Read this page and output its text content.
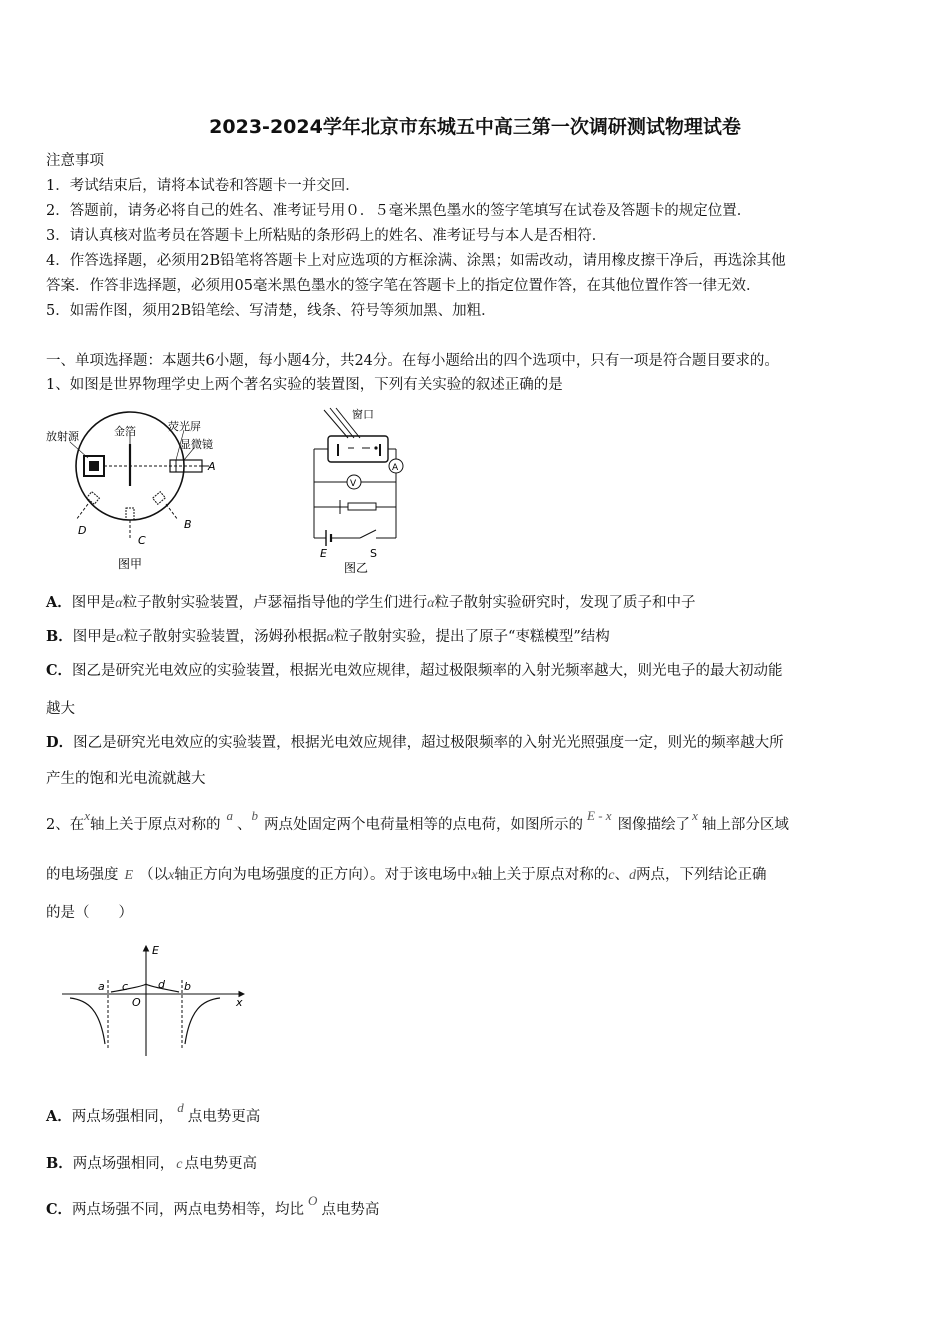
2023-2024学年北京市东城五中高三第一次调研测试物理试卷
注意事项
1．考试结束后，请将本试卷和答题卡一并交回．
2．答题前，请务必将自己的姓名、准考证号用０．５毫米黑色墨水的签字笔填写在试卷及答题卡的规定位置．
3．请认真核对监考员在答题卡上所粘贴的条形码上的姓名、准考证号与本人是否相符．
4．作答选择题，必须用2B铅笔将答题卡上对应选项的方框涂满、涂黑；如需改动，请用橡皮擦干净后，再选涂其他
答案．作答非选择题，必须用05毫米黑色墨水的签字笔在答题卡上的指定位置作答，在其他位置作答一律无效．
5．如需作图，须用2B铅笔绘、写清楚，线条、符号等须加黑、加粗．
一、单项选择题：本题共6小题，每小题4分，共24分。在每小题给出的四个选项中，只有一项是符合题目要求的。
1、如图是世界物理学史上两个著名实验的装置图，下列有关实验的叙述正确的是
放射源	金箔	荧光屏
显微镜
A
B
C
D
图甲
A
V
窗口
E	S
图乙
A．图甲是α粒子散射实验装置，卢瑟福指导他的学生们进行α粒子散射实验研究时，发现了质子和中子
B．图甲是α粒子散射实验装置，汤姆孙根据α粒子散射实验，提出了原子“枣糕模型”结构
C．图乙是研究光电效应的实验装置，根据光电效应规律，超过极限频率的入射光频率越大，则光电子的最大初动能
越大
D．图乙是研究光电效应的实验装置，根据光电效应规律，超过极限频率的入射光光照强度一定，则光的频率越大所
产生的饱和光电流就越大
2、在x轴上关于原点对称的a、b两点处固定两个电荷量相等的点电荷，如图所示的E - x图像描绘了x轴上部分区域
的电场强度 E （以x轴正方向为电场强度的正方向）。对于该电场中x轴上关于原点对称的c、d两点，下列结论正确
的是（　　）
E
x
O
a c	d b
A．两点场强相同，d点电势更高
B．两点场强相同， c 点电势更高
C．两点场强不同，两点电势相等，均比O点电势高
